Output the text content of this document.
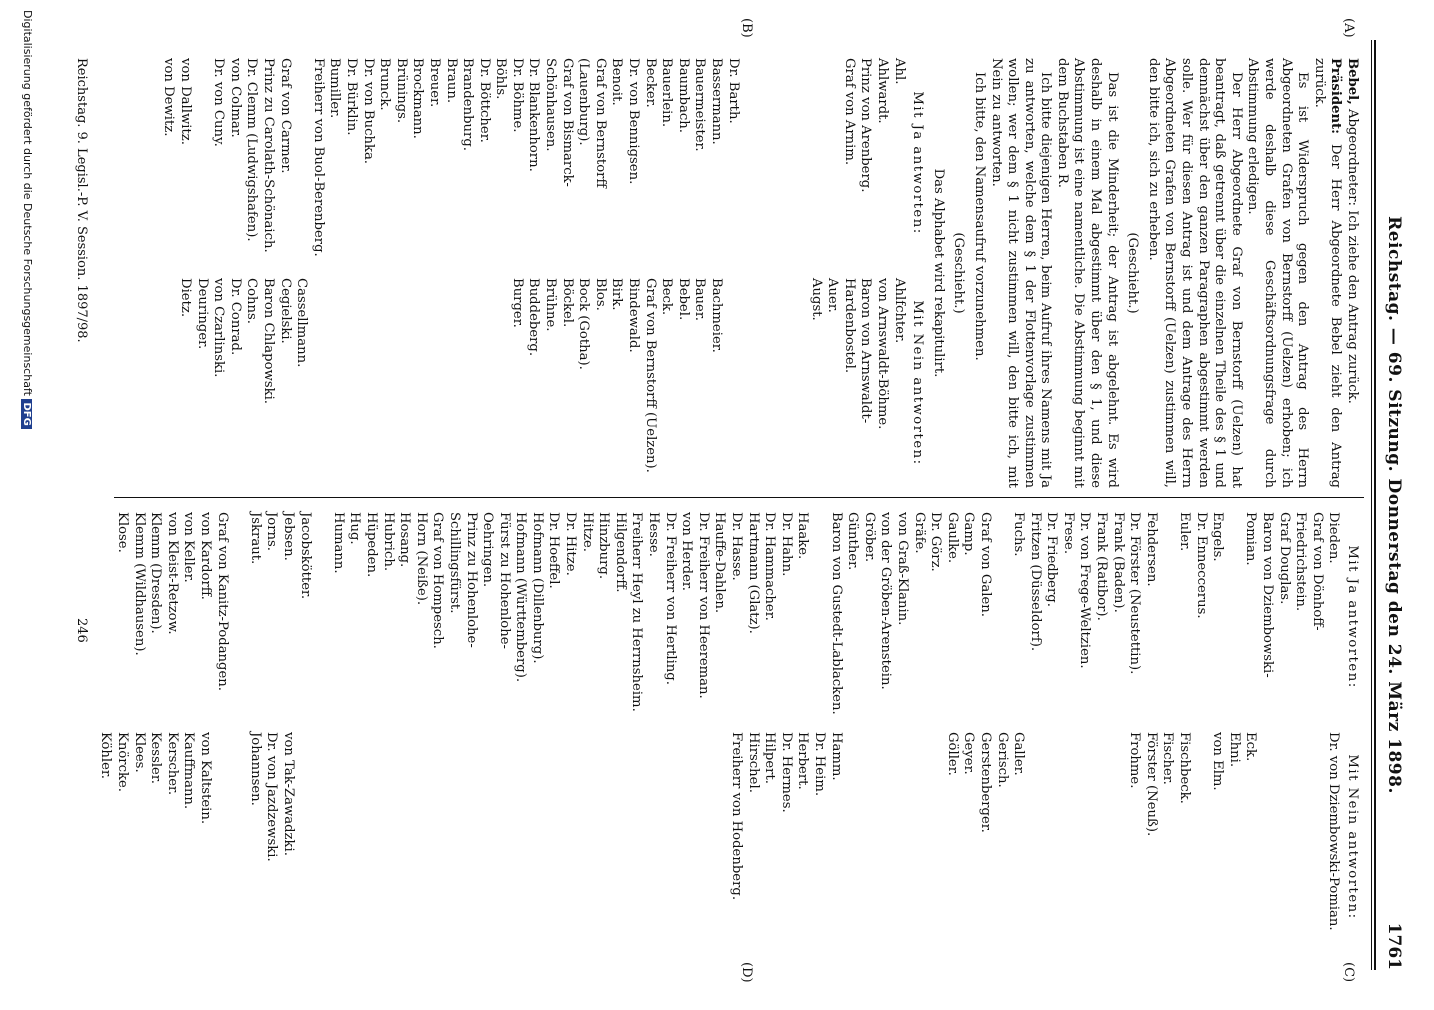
Reichstag. — 69. Sitzung. Donnerstag den 24. März 1898.
1761
(A)
(B)
(C)
(D)

Bebel, Abgeordneter: Ich ziehe den Antrag zurück.

Präsident: Der Herr Abgeordnete Bebel zieht den Antrag zurück.

Es ist Widerspruch gegen den Antrag des Herrn Abgeordneten Grafen von Bernstorff (Uelzen) erhoben; ich werde deshalb diese Geschäftsordnungsfrage durch Abstimmung erledigen.

Der Herr Abgeordnete Graf von Bernstorff (Uelzen) hat beantragt, daß getrennt über die einzelnen Theile des § 1 und demnächst über den ganzen Paragraphen abgestimmt werden solle. Wer für diesen Antrag ist und dem Antrage des Herrn Abgeordneten Grafen von Bernstorff (Uelzen) zustimmen will, den bitte ich, sich zu erheben.

(Geschieht.)

Das ist die Minderheit; der Antrag ist abgelehnt. Es wird deshalb in einem Mal abgestimmt über den § 1, und diese Abstimmung ist eine namentliche. Die Abstimmung beginnt mit dem Buchstaben R.

Ich bitte diejenigen Herren, beim Aufruf ihres Namens mit Ja zu antworten, welche dem § 1 der Flottenvorlage zustimmen wollen; wer dem § 1 nicht zustimmen will, den bitte ich, mit Nein zu antworten.

Ich bitte, den Namensaufruf vorzunehmen.

(Geschieht.)
Das Alphabet wird rekapitulirt.
Mit Ja antworten:
Mit Nein antworten:
Ahl.
Ahlwardt.
Prinz von Arenberg.
Graf von Arnim.
Dr. Barth.
Bassermann.
Bauermeister.
Baumbach.
Bauerlein.
Becker.
Dr. von Bennigsen.
Benoit.
Graf von Bernstorff (Lauenburg).
Graf von Bismarck-Schönhausen.
Dr. Blankenhorn.
Dr. Böhme.
Böhls.
Dr. Böttcher.
Brandenburg.
Braun.
Breuer.
Brockmann.
Brünings.
Brunck.
Dr. von Buchka.
Dr. Bürklin.
Bumiller.
Freiherr von Buol-Berenberg.
Graf von Carmer.
Prinz zu Carolath-Schönaich.
Dr. Clemm (Ludwigshafen).
von Colmar.
Dr. von Cuny.
von Dallwitz.
von Dewitz.
Ahlfchter.
von Arnswaldt-Böhme.
Baron von Arnswaldt-Hardenbostel.
Auer.
Augst.
Bachmeier.
Bauer.
Bebel.
Beck.
Graf von Bernstorff (Uelzen).
Bindewald.
Birk.
Blos.
Bock (Gotha).
Böckel.
Brühne.
Buddeberg.
Burger.
Cassellmann.
Cegielski.
Baron Chlapowski.
Cohns.
Dr. Conrad.
von Czarlinski.
Deuringer.
Dietz.
Mit Ja antworten:
Mit Nein antworten:
Dieden.
Graf von Dönhoff-Friedrichstein.
Graf Douglas.
Baron von Dziembowski-Pomian.
Engels.
Dr. Enneccerus.
Euler.
Fehdersen.
Dr. Förster (Neustettin).
Frank (Baden).
Frank (Ratibor).
Dr. von Frege-Weltzien.
Frese.
Dr. Friedberg.
Fritzen (Düsseldorf).
Fuchs.
Graf von Galen.
Gamp.
Gaulke.
Dr. Görz.
Gräfe.
von Graß-Klanin.
von der Gröben-Arenstein.
Gröber.
Günther.
Baron von Gustedt-Lablacken.
Haake.
Dr. Hahn.
Dr. Hammacher.
Hartmann (Glatz).
Dr. Hasse.
Hauffe-Dahlen.
Dr. Freiherr von Heereman.
von Herder.
Dr. Freiherr von Hertling.
Hesse.
Freiherr Heyl zu Herrnsheim.
Hilgendorff.
Hinzburg.
Hitze.
Dr. Hitze.
Dr. Hoeffel.
Hofmann (Dillenburg).
Hofmann (Württemberg).
Fürst zu Hohenlohe-Oehringen.
Prinz zu Hohenlohe-Schillingsfürst.
Graf von Hompesch.
Horn (Neiße).
Hosang.
Hubrich.
Hüpeden.
Hug.
Humann.
Jacobskötter.
Jebsen.
Jorns.
Jskraut.
Graf von Kanitz-Podangen.
von Kardorff.
von Keller.
von Kleist-Retzow.
Klemm (Dresden).
Klemm (Wildhausen).
Klose.
Dr. von Dziembowski-Pomian.
Eck.
Ehni.
von Elm.
Fischbeck.
Fischer.
Förster (Neuß).
Frohme.
Galler.
Gerisch.
Gerstenberger.
Geyer.
Göller.
Hamm.
Dr. Heim.
Herbert.
Dr. Hermes.
Hilpert.
Hirschel.
Freiherr von Hodenberg.
von Tak-Zawadzki.
Dr. von Jazdzewski.
Johannsen.
von Kaltstein.
Kauffmann.
Kerscher.
Kessler.
Klees.
Knörcke.
Köhler.
Reichstag. 9. Legisl.-P. V. Session. 1897/98.
246
Digitalisierung gefördert durch die Deutsche Forschungsgemeinschaft DFG
